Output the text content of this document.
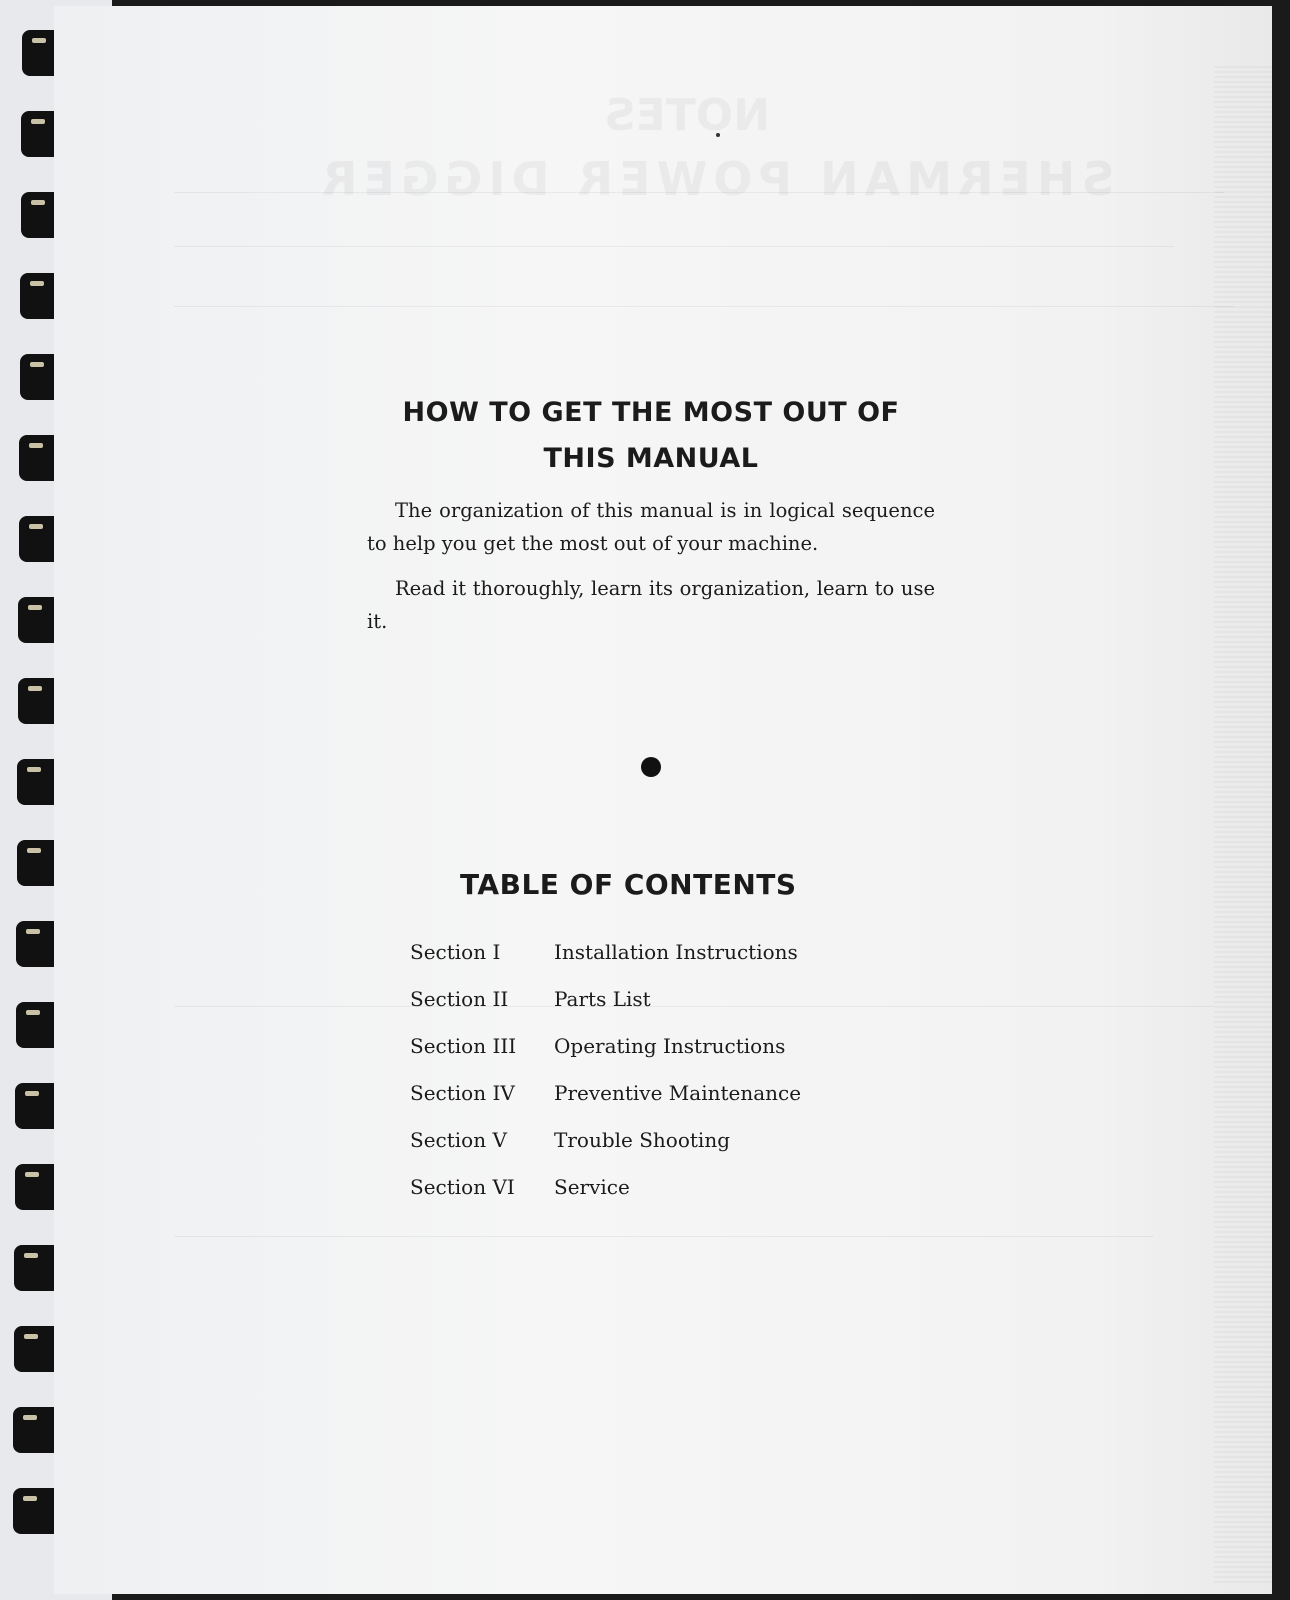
HOW TO GET THE MOST OUT OF
THIS MANUAL

The organization of this manual is in logical sequence to help you get the most out of your machine.

Read it thoroughly, learn its organization, learn to use it.

TABLE OF CONTENTS
Section I	Installation Instructions
Section II	Parts List
Section III	Operating Instructions
Section IV	Preventive Maintenance
Section V	Trouble Shooting
Section VI	Service
